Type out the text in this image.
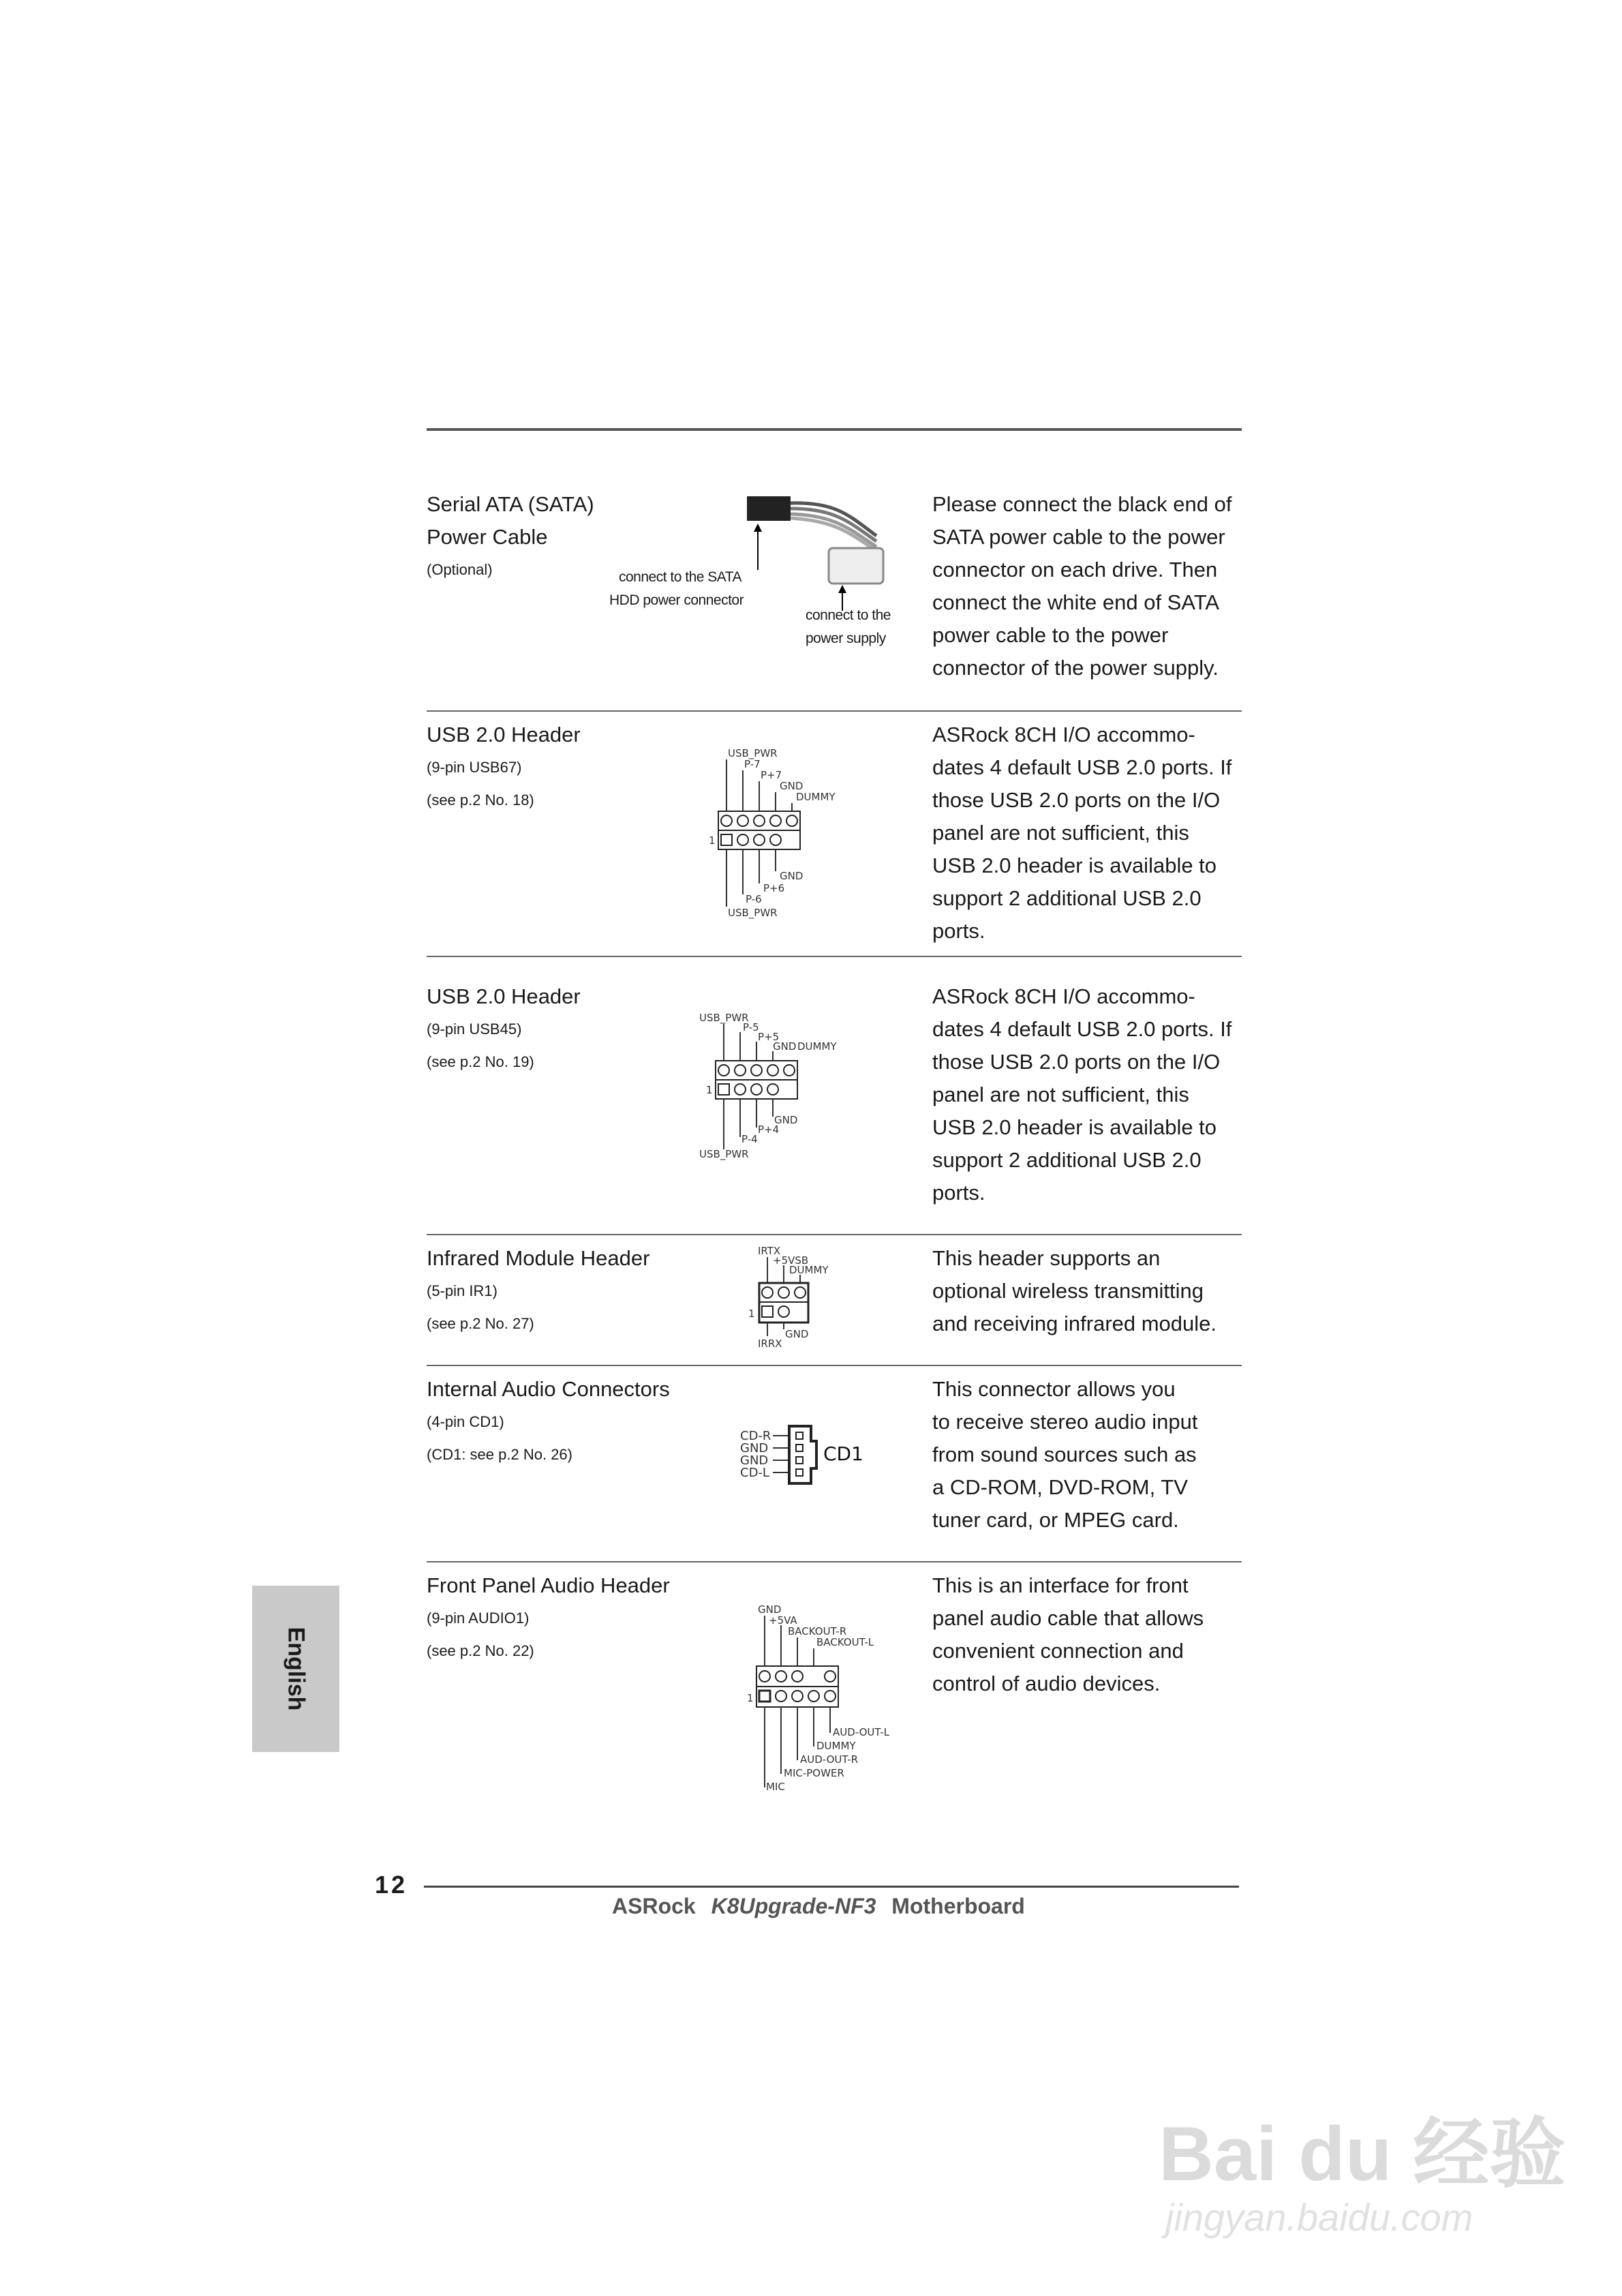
Serial ATA (SATA)
Power Cable
(Optional)	connect to the SATA
HDD power connector
connect to the
power supply
Please connect the black end of
SATA power cable to the power
connector on each drive. Then
connect the white end of SATA
power cable to the power
connector of the power supply.
USB 2.0 Header
(9-pin USB67)
(see p.2 No. 18)
USB_PWR
P-7
P+7
GND
DUMMY
1
GND
P+6
P-6
USB_PWR
ASRock 8CH I/O accommo-
dates 4 default USB 2.0 ports. If
those USB 2.0 ports on the I/O
panel are not sufficient, this
USB 2.0 header is available to
support 2 additional USB 2.0
ports.
USB 2.0 Header
(9-pin USB45)
(see p.2 No. 19)
USB_PWR
P-5
P+5
GND DUMMY
1
GND
P+4
P-4
USB_PWR
ASRock 8CH I/O accommo-
dates 4 default USB 2.0 ports. If
those USB 2.0 ports on the I/O
panel are not sufficient, this
USB 2.0 header is available to
support 2 additional USB 2.0
ports.
Infrared Module Header
(5-pin IR1)
(see p.2 No. 27)
IRTX
+5VSB
DUMMY
1
GND
IRRX
This header supports an
optional wireless transmitting
and receiving infrared module.
Internal Audio Connectors
(4-pin CD1)
(CD1: see p.2 No. 26)
CD-R
GND
GND
CD-L
CD1
This connector allows you
to receive stereo audio input
from sound sources such as
a CD-ROM, DVD-ROM, TV
tuner card, or MPEG card.
Front Panel Audio Header
(9-pin AUDIO1)
(see p.2 No. 22)
GND
+5VA
BACKOUT-R
BACKOUT-L
1
AUD-OUT-L
DUMMY
AUD-OUT-R
MIC-POWER
MIC
This is an interface for front
panel audio cable that allows
convenient connection and
control of audio devices.
English
12
ASRock K8Upgrade-NF3 Motherboard
Bai du 经验
jingyan.baidu.com
